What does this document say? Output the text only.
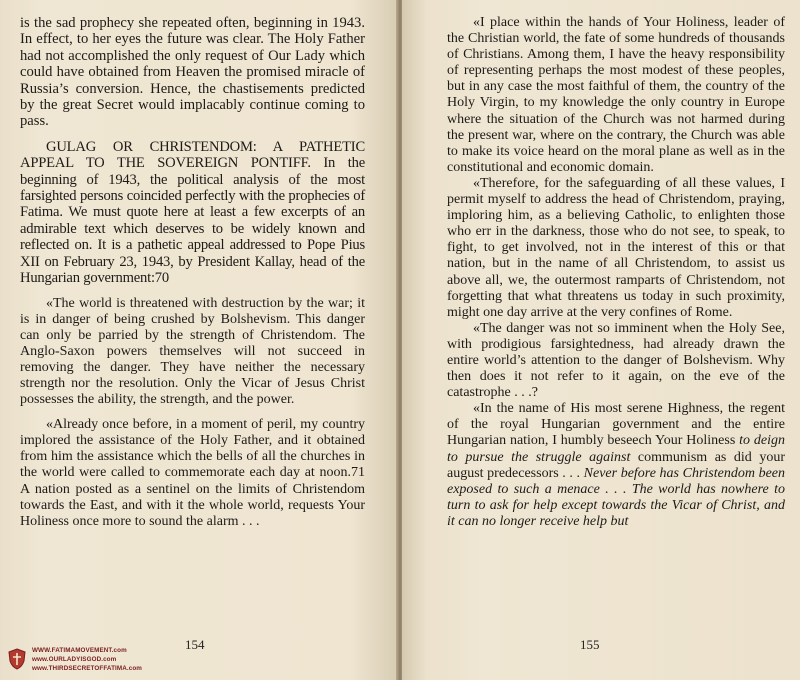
is the sad prophecy she repeated often, beginning in 1943. In effect, to her eyes the future was clear. The Holy Father had not accomplished the only request of Our Lady which could have obtained from Heaven the promised miracle of Russia’s conversion. Hence, the chastisements predicted by the great Secret would implacably continue coming to pass.

GULAG OR CHRISTENDOM: A PATHETIC APPEAL TO THE SOVEREIGN PONTIFF. In the beginning of 1943, the political analysis of the most farsighted persons coincided perfectly with the prophecies of Fatima. We must quote here at least a few excerpts of an admirable text which deserves to be widely known and reflected on. It is a pathetic appeal addressed to Pope Pius XII on February 23, 1943, by President Kallay, head of the Hungarian government:70

«The world is threatened with destruction by the war; it is in danger of being crushed by Bolshevism. This danger can only be parried by the strength of Christendom. The Anglo-Saxon powers themselves will not succeed in removing the danger. They have neither the necessary strength nor the resolution. Only the Vicar of Jesus Christ possesses the ability, the strength, and the power.

«Already once before, in a moment of peril, my country implored the assistance of the Holy Father, and it obtained from him the assistance which the bells of all the churches in the world were called to commemorate each day at noon.71 A nation posted as a sentinel on the limits of Christendom towards the East, and with it the whole world, requests Your Holiness once more to sound the alarm . . .

154

«I place within the hands of Your Holiness, leader of the Christian world, the fate of some hundreds of thousands of Christians. Among them, I have the heavy responsibility of representing perhaps the most modest of these peoples, but in any case the most faithful of them, the country of the Holy Virgin, to my knowledge the only country in Europe where the situation of the Church was not harmed during the present war, where on the contrary, the Church was able to make its voice heard on the moral plane as well as in the constitutional and economic domain.

«Therefore, for the safeguarding of all these values, I permit myself to address the head of Christendom, praying, imploring him, as a believing Catholic, to enlighten those who err in the darkness, those who do not see, to speak, to fight, to get involved, not in the interest of this or that nation, but in the name of all Christendom, to assist us above all, we, the outermost ramparts of Christendom, not forgetting that what threatens us today in such proximity, might one day arrive at the very confines of Rome.

«The danger was not so imminent when the Holy See, with prodigious farsightedness, had already drawn the entire world’s attention to the danger of Bolshevism. Why then does it not refer to it again, on the eve of the catastrophe . . .?

«In the name of His most serene Highness, the regent of the royal Hungarian government and the entire Hungarian nation, I humbly beseech Your Holiness to deign to pursue the struggle against communism as did your august predecessors . . . Never before has Christendom been exposed to such a menace . . . The world has nowhere to turn to ask for help except towards the Vicar of Christ, and it can no longer receive help but

155
WWW.FATIMAMOVEMENT.com
www.OURLADYISGOD.com
www.THIRDSECRETOFFATIMA.com
